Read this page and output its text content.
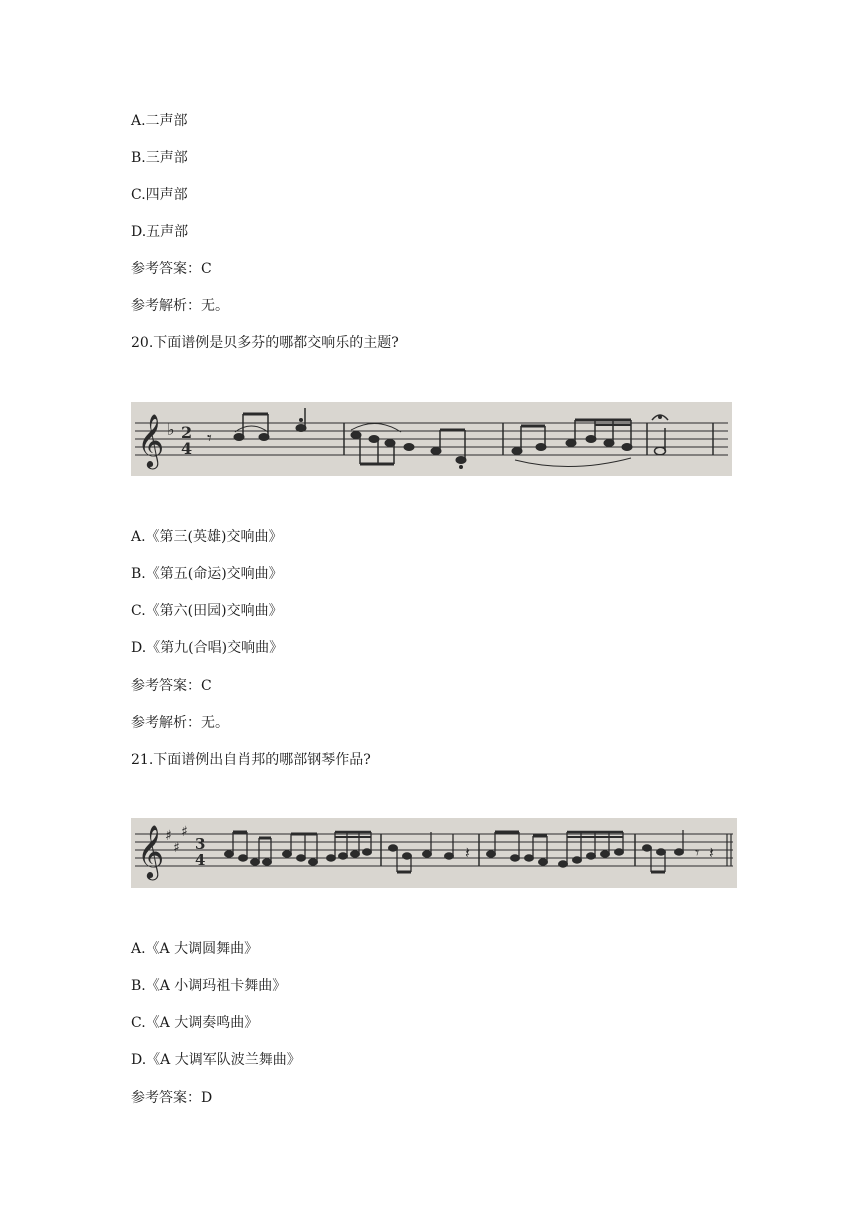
A.二声部
B.三声部
C.四声部
D.五声部
参考答案：C
参考解析：无。
20.下面谱例是贝多芬的哪都交响乐的主题?
𝄞 ♭ 2
4 𝄾
A.《第三(英雄)交响曲》
B.《第五(命运)交响曲》
C.《第六(田园)交响曲》
D.《第九(合唱)交响曲》
参考答案：C
参考解析：无。
21.下面谱例出自肖邦的哪部钢琴作品?
𝄞 ♯
♯
♯
3
4	𝄽	𝄾 𝄽
A.《A 大调圆舞曲》
B.《A 小调玛祖卡舞曲》
C.《A 大调奏鸣曲》
D.《A 大调军队波兰舞曲》
参考答案：D
